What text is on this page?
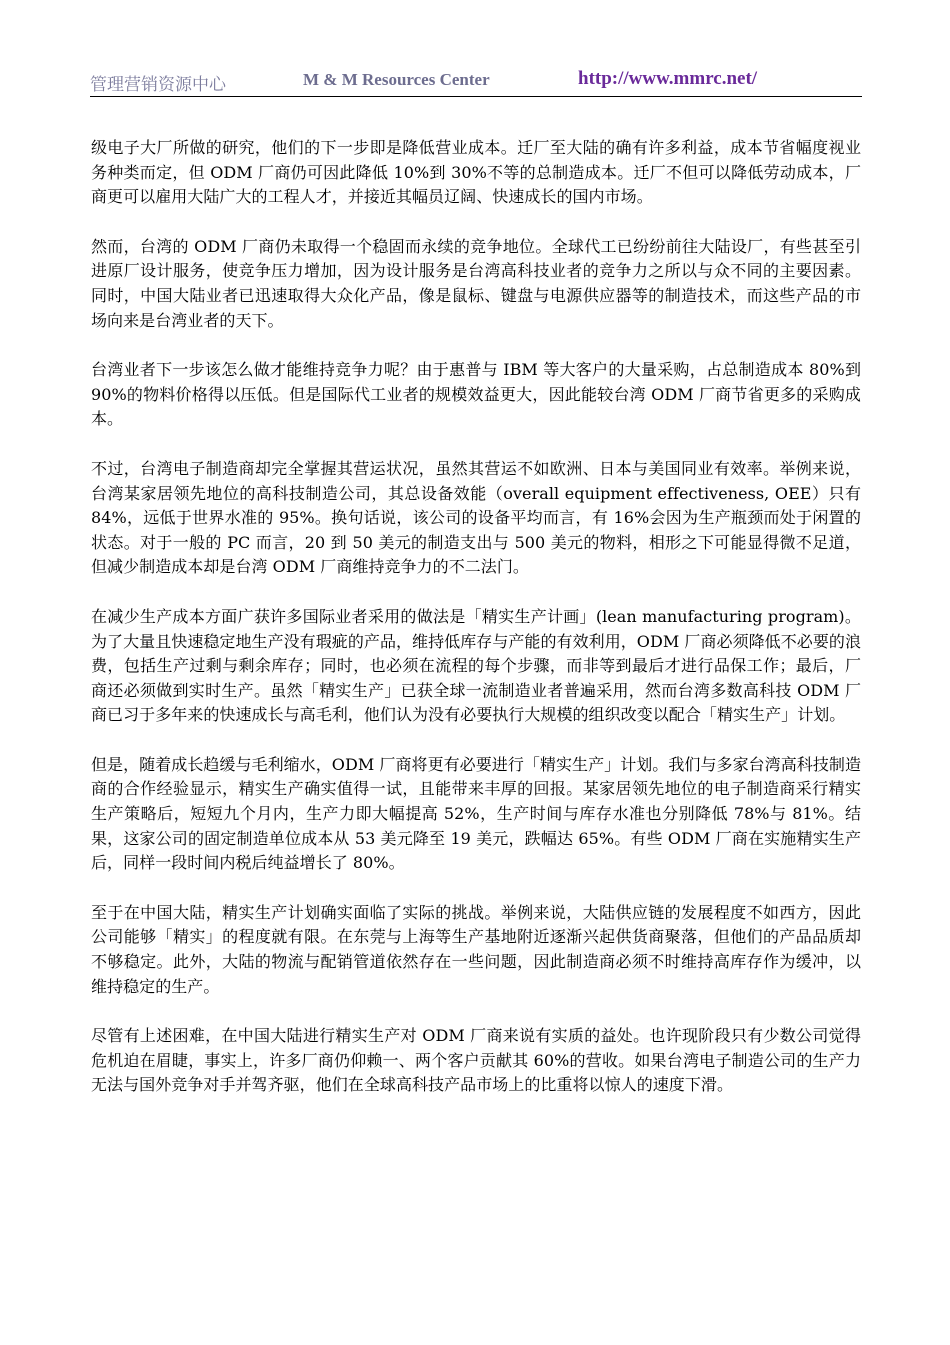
管理营销资源中心	M & M Resources Center	http://www.mmrc.net/

级电子大厂所做的研究，他们的下一步即是降低营业成本。迁厂至大陆的确有许多利益，成本节省幅度视业务种类而定，但 ODM 厂商仍可因此降低 10%到 30%不等的总制造成本。迁厂不但可以降低劳动成本，厂商更可以雇用大陆广大的工程人才，并接近其幅员辽阔、快速成长的国内市场。

然而，台湾的 ODM 厂商仍未取得一个稳固而永续的竞争地位。全球代工已纷纷前往大陆设厂，有些甚至引进原厂设计服务，使竞争压力增加，因为设计服务是台湾高科技业者的竞争力之所以与众不同的主要因素。同时，中国大陆业者已迅速取得大众化产品，像是鼠标、键盘与电源供应器等的制造技术，而这些产品的市场向来是台湾业者的天下。

台湾业者下一步该怎么做才能维持竞争力呢？由于惠普与 IBM 等大客户的大量采购，占总制造成本 80%到 90%的物料价格得以压低。但是国际代工业者的规模效益更大，因此能较台湾 ODM 厂商节省更多的采购成本。

不过，台湾电子制造商却完全掌握其营运状况，虽然其营运不如欧洲、日本与美国同业有效率。举例来说，台湾某家居领先地位的高科技制造公司，其总设备效能（overall equipment effectiveness, OEE）只有 84%，远低于世界水准的 95%。换句话说，该公司的设备平均而言，有 16%会因为生产瓶颈而处于闲置的状态。对于一般的 PC 而言，20 到 50 美元的制造支出与 500 美元的物料，相形之下可能显得微不足道，但减少制造成本却是台湾 ODM 厂商维持竞争力的不二法门。

在减少生产成本方面广获许多国际业者采用的做法是「精实生产计画」(lean manufacturing program)。为了大量且快速稳定地生产没有瑕疵的产品，维持低库存与产能的有效利用，ODM 厂商必须降低不必要的浪费，包括生产过剩与剩余库存；同时，也必须在流程的每个步骤，而非等到最后才进行品保工作；最后，厂商还必须做到实时生产。虽然「精实生产」已获全球一流制造业者普遍采用，然而台湾多数高科技 ODM 厂商已习于多年来的快速成长与高毛利，他们认为没有必要执行大规模的组织改变以配合「精实生产」计划。

但是，随着成长趋缓与毛利缩水，ODM 厂商将更有必要进行「精实生产」计划。我们与多家台湾高科技制造商的合作经验显示，精实生产确实值得一试，且能带来丰厚的回报。某家居领先地位的电子制造商采行精实生产策略后，短短九个月内，生产力即大幅提高 52%，生产时间与库存水准也分别降低 78%与 81%。结果，这家公司的固定制造单位成本从 53 美元降至 19 美元，跌幅达 65%。有些 ODM 厂商在实施精实生产后，同样一段时间内税后纯益增长了 80%。

至于在中国大陆，精实生产计划确实面临了实际的挑战。举例来说，大陆供应链的发展程度不如西方，因此公司能够「精实」的程度就有限。在东莞与上海等生产基地附近逐渐兴起供货商聚落，但他们的产品品质却不够稳定。此外，大陆的物流与配销管道依然存在一些问题，因此制造商必须不时维持高库存作为缓冲，以维持稳定的生产。

尽管有上述困难，在中国大陆进行精实生产对 ODM 厂商来说有实质的益处。也许现阶段只有少数公司觉得危机迫在眉睫，事实上，许多厂商仍仰赖一、两个客户贡献其 60%的营收。如果台湾电子制造公司的生产力无法与国外竞争对手并驾齐驱，他们在全球高科技产品市场上的比重将以惊人的速度下滑。
